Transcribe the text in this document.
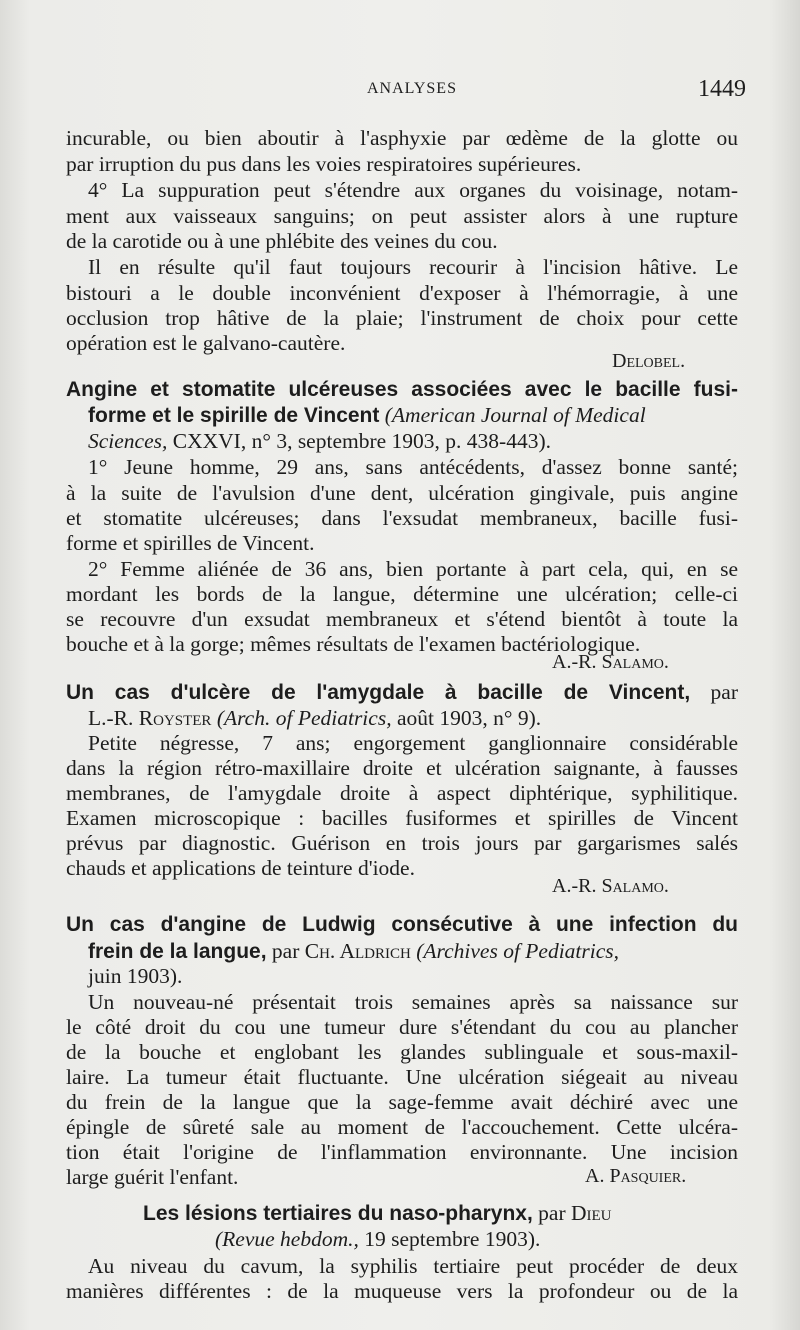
ANALYSES	1449
incurable, ou bien aboutir à l'asphyxie par œdème de la glotte ou
par irruption du pus dans les voies respiratoires supérieures.
4° La suppuration peut s'étendre aux organes du voisinage, notam-
ment aux vaisseaux sanguins; on peut assister alors à une rupture
de la carotide ou à une phlébite des veines du cou.
Il en résulte qu'il faut toujours recourir à l'incision hâtive. Le
bistouri a le double inconvénient d'exposer à l'hémorragie, à une
occlusion trop hâtive de la plaie; l'instrument de choix pour cette
opération est le galvano-cautère.
Delobel.
Angine et stomatite ulcéreuses associées avec le bacille fusi-
forme et le spirille de Vincent (American Journal of Medical
Sciences, CXXVI, n° 3, septembre 1903, p. 438-443).
1° Jeune homme, 29 ans, sans antécédents, d'assez bonne santé;
à la suite de l'avulsion d'une dent, ulcération gingivale, puis angine
et stomatite ulcéreuses; dans l'exsudat membraneux, bacille fusi-
forme et spirilles de Vincent.
2° Femme aliénée de 36 ans, bien portante à part cela, qui, en se
mordant les bords de la langue, détermine une ulcération; celle-ci
se recouvre d'un exsudat membraneux et s'étend bientôt à toute la
bouche et à la gorge; mêmes résultats de l'examen bactériologique.
A.-R. Salamo.
Un cas d'ulcère de l'amygdale à bacille de Vincent, par
L.-R. Royster (Arch. of Pediatrics, août 1903, n° 9).
Petite négresse, 7 ans; engorgement ganglionnaire considérable
dans la région rétro-maxillaire droite et ulcération saignante, à fausses
membranes, de l'amygdale droite à aspect diphtérique, syphilitique.
Examen microscopique : bacilles fusiformes et spirilles de Vincent
prévus par diagnostic. Guérison en trois jours par gargarismes salés
chauds et applications de teinture d'iode.
A.-R. Salamo.
Un cas d'angine de Ludwig consécutive à une infection du
frein de la langue, par Ch. Aldrich (Archives of Pediatrics,
juin 1903).
Un nouveau-né présentait trois semaines après sa naissance sur
le côté droit du cou une tumeur dure s'étendant du cou au plancher
de la bouche et englobant les glandes sublinguale et sous-maxil-
laire. La tumeur était fluctuante. Une ulcération siégeait au niveau
du frein de la langue que la sage-femme avait déchiré avec une
épingle de sûreté sale au moment de l'accouchement. Cette ulcéra-
tion était l'origine de l'inflammation environnante. Une incision
large guérit l'enfant.	A. Pasquier.
Les lésions tertiaires du naso-pharynx, par Dieu
(Revue hebdom., 19 septembre 1903).
Au niveau du cavum, la syphilis tertiaire peut procéder de deux
manières différentes : de la muqueuse vers la profondeur ou de la
